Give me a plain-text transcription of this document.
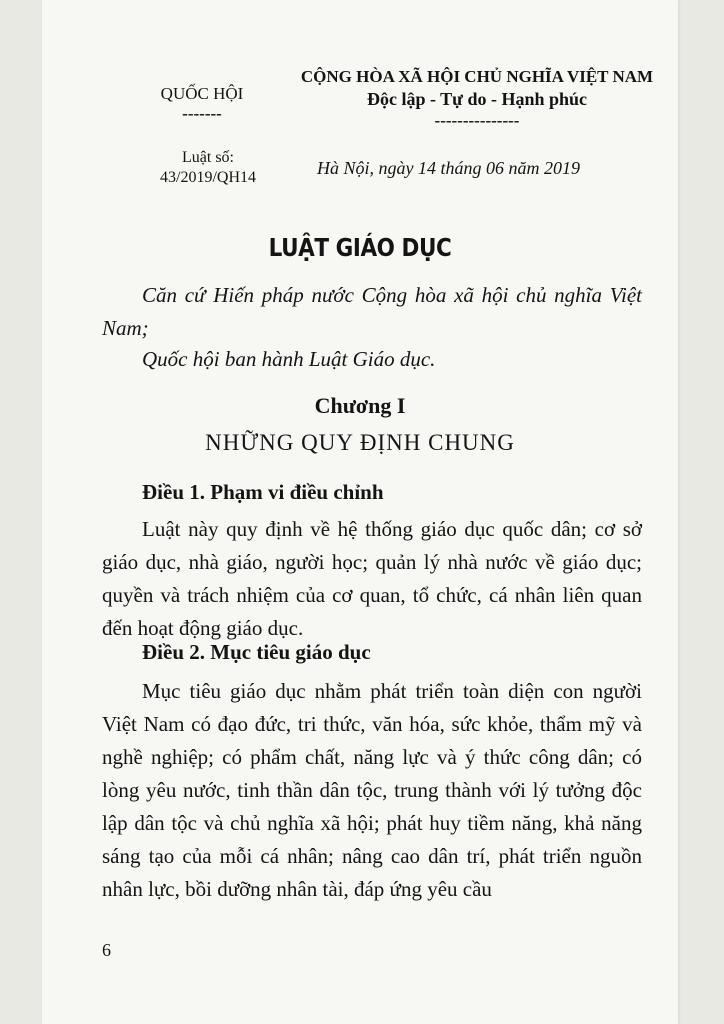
QUỐC HỘI
-------
CỘNG HÒA XÃ HỘI CHỦ NGHĨA VIỆT NAM
Độc lập - Tự do - Hạnh phúc
---------------
Luật số:
43/2019/QH14	Hà Nội, ngày 14 tháng 06 năm 2019
LUẬT GIÁO DỤC
Căn cứ Hiến pháp nước Cộng hòa xã hội chủ nghĩa Việt Nam;
Quốc hội ban hành Luật Giáo dục.
Chương I
NHỮNG QUY ĐỊNH CHUNG
Điều 1. Phạm vi điều chỉnh
Luật này quy định về hệ thống giáo dục quốc dân; cơ sở giáo dục, nhà giáo, người học; quản lý nhà nước về giáo dục; quyền và trách nhiệm của cơ quan, tổ chức, cá nhân liên quan đến hoạt động giáo dục.
Điều 2. Mục tiêu giáo dục
Mục tiêu giáo dục nhằm phát triển toàn diện con người Việt Nam có đạo đức, tri thức, văn hóa, sức khỏe, thẩm mỹ và nghề nghiệp; có phẩm chất, năng lực và ý thức công dân; có lòng yêu nước, tinh thần dân tộc, trung thành với lý tưởng độc lập dân tộc và chủ nghĩa xã hội; phát huy tiềm năng, khả năng sáng tạo của mỗi cá nhân; nâng cao dân trí, phát triển nguồn nhân lực, bồi dưỡng nhân tài, đáp ứng yêu cầu
6
